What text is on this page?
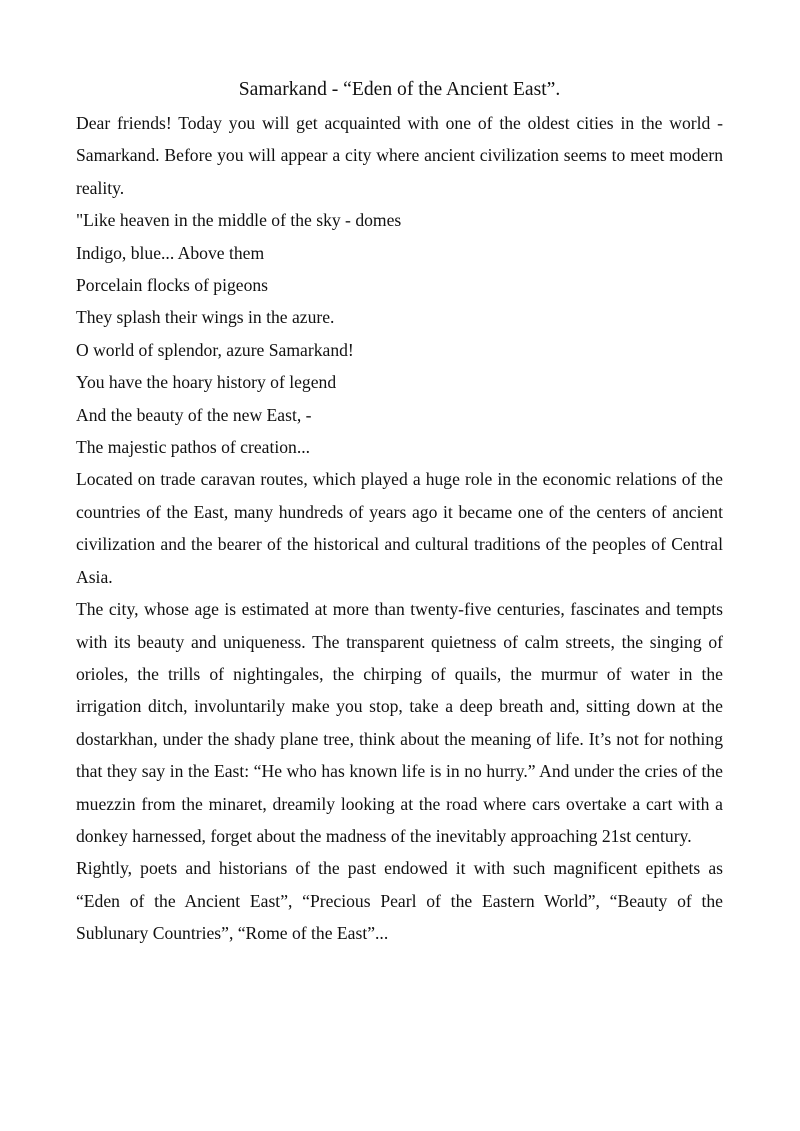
Samarkand - “Eden of the Ancient East”.

Dear friends! Today you will get acquainted with one of the oldest cities in the world - Samarkand. Before you will appear a city where ancient civilization seems to meet modern reality.

"Like heaven in the middle of the sky - domes
Indigo, blue... Above them
Porcelain flocks of pigeons
They splash their wings in the azure.
O world of splendor, azure Samarkand!
You have the hoary history of legend
And the beauty of the new East, -
The majestic pathos of creation...

Located on trade caravan routes, which played a huge role in the economic relations of the countries of the East, many hundreds of years ago it became one of the centers of ancient civilization and the bearer of the historical and cultural traditions of the peoples of Central Asia.

The city, whose age is estimated at more than twenty-five centuries, fascinates and tempts with its beauty and uniqueness. The transparent quietness of calm streets, the singing of orioles, the trills of nightingales, the chirping of quails, the murmur of water in the irrigation ditch, involuntarily make you stop, take a deep breath and, sitting down at the dostarkhan, under the shady plane tree, think about the meaning of life. It’s not for nothing that they say in the East: “He who has known life is in no hurry.” And under the cries of the muezzin from the minaret, dreamily looking at the road where cars overtake a cart with a donkey harnessed, forget about the madness of the inevitably approaching 21st century.

Rightly, poets and historians of the past endowed it with such magnificent epithets as “Eden of the Ancient East”, “Precious Pearl of the Eastern World”, “Beauty of the Sublunary Countries”, “Rome of the East”...
